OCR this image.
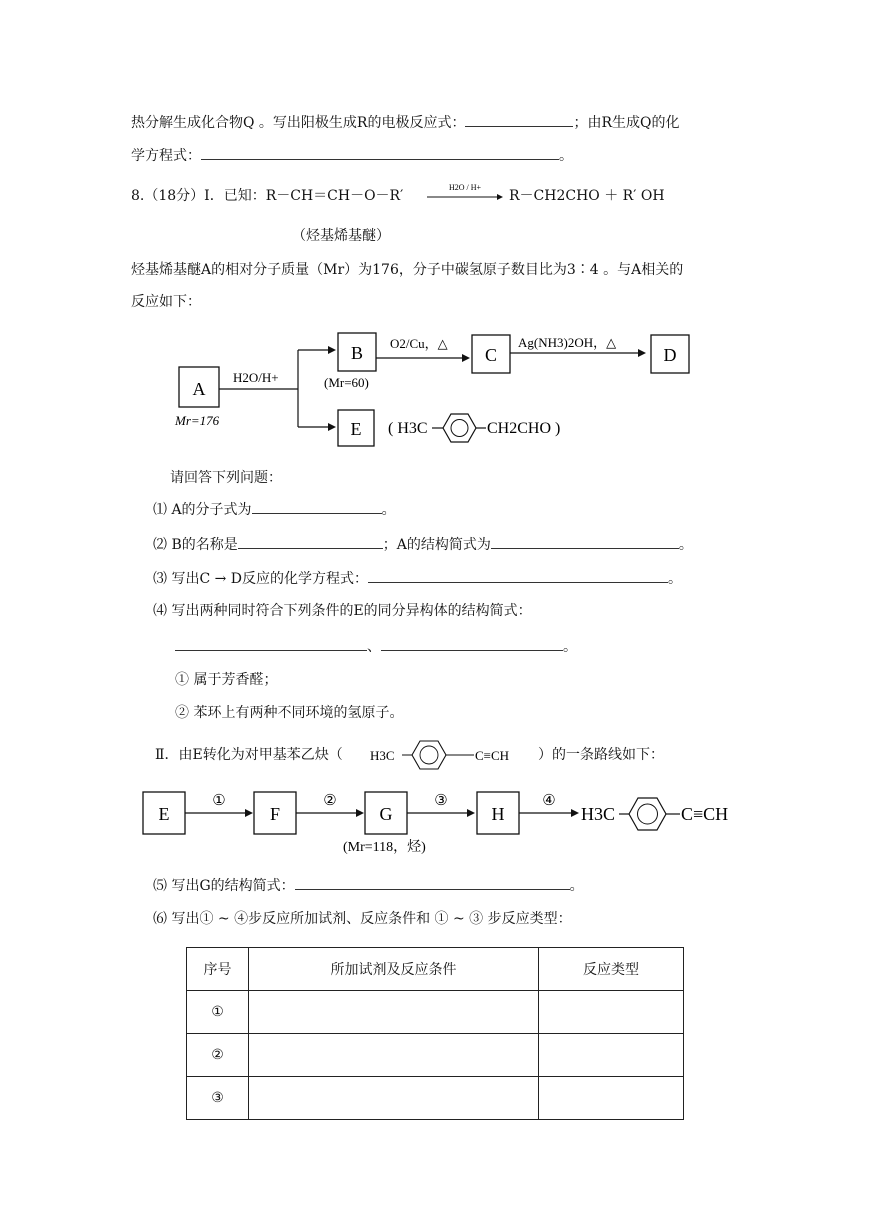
热分解生成化合物Q 。写出阳极生成R的电极反应式：	；由R生成Q的化
学方程式：	。
8.（18分）Ⅰ．已知：R－CH＝CH－O－R′
H2O / H+
R－CH2CHO ＋ R′ OH
（烃基烯基醚）
烃基烯基醚A的相对分子质量（Mr）为176，分子中碳氢原子数目比为3∶4 。与A相关的
反应如下：
A
Mr=176
H2O/H+
B
(Mr=60)
O2/Cu，△
C
Ag(NH3)2OH，△
D
E ( H3C	CH2CHO )
请回答下列问题：
⑴ A的分子式为	。
⑵ B的名称是	；A的结构简式为	。
⑶ 写出C → D反应的化学方程式：	。
⑷ 写出两种同时符合下列条件的E的同分异构体的结构简式：
、	。
① 属于芳香醛；
② 苯环上有两种不同环境的氢原子。
Ⅱ．由E转化为对甲基苯乙炔（ H3C	C≡CH ）的一条路线如下：
E
①
F
②
G
(Mr=118，烃)
③
H
④
H3C	C≡CH
⑸ 写出G的结构简式：	。
⑹ 写出① ~ ④步反应所加试剂、反应条件和 ① ~ ③ 步反应类型：
序号	所加试剂及反应条件	反应类型
①		
②		
③		
